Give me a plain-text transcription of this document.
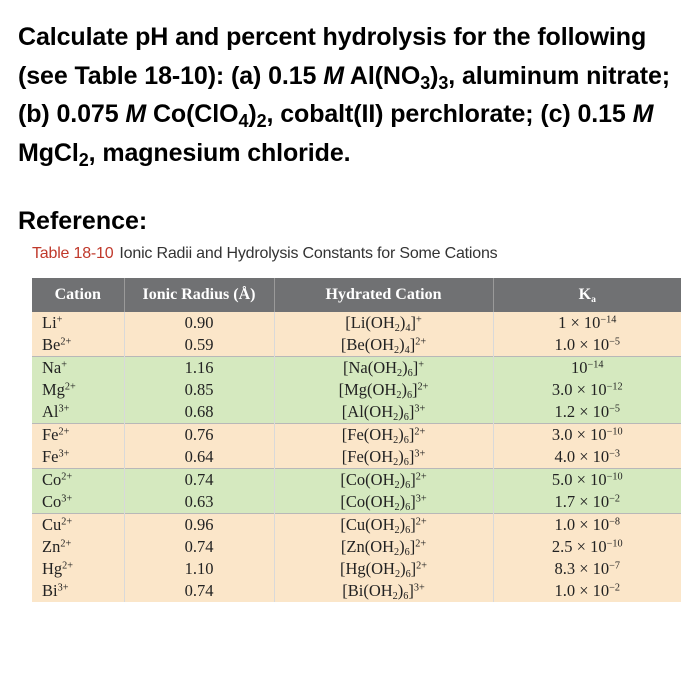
Calculate pH and percent hydrolysis for the following (see Table 18-10): (a) 0.15 M $Al(NO_3)_3$, aluminum nitrate; (b) 0.075 M $Co(ClO_4)_2$, cobalt(II) perchlorate; (c) 0.15 M MgCl$_2$, magnesium chloride.
Reference:
Table 18-10 Ionic Radii and Hydrolysis Constants for Some Cations
Cation	Ionic Radius (Å)	Hydrated Cation	Ka
Li+	0.90	[Li(OH2)4]+	$1 \times 10^{-14}$
$Be^{2+}$	0.59	$[Be(OH2)4]^{2+}$	$1.0 \times 10^{-5}$
Na+	1.16	[Na(OH2)6]+	$10^{-14}$
$Mg^{2+}$	0.85	$[Mg(OH2)6]^{2+}$	$3.0 \times 10^{-12}$
$Al^{3+}$	0.68	$[Al(OH2)6]^{3+}$	$1.2 \times 10^{-5}$
$Fe^{2+}$	0.76	$[Fe(OH2)6]^{2+}$	$3.0 \times 10^{-10}$
$Fe^{3+}$	0.64	$[Fe(OH2)6]^{3+}$	$4.0 \times 10^{-3}$
$Co^{2+}$	0.74	$[Co(OH2)6]^{2+}$	$5.0 \times 10^{-10}$
$Co^{3+}$	0.63	$[Co(OH2)6]^{3+}$	$1.7 \times 10^{-2}$
$Cu^{2+}$	0.96	$[Cu(OH2)6]^{2+}$	$1.0 \times 10^{-8}$
$Zn^{2+}$	0.74	$[Zn(OH2)6]^{2+}$	$2.5 \times 10^{-10}$
$Hg^{2+}$	1.10	$[Hg(OH2)6]^{2+}$	$8.3 \times 10^{-7}$
$Bi^{3+}$	0.74	$[Bi(OH2)6]^{3+}$	$1.0 \times 10^{-2}$
